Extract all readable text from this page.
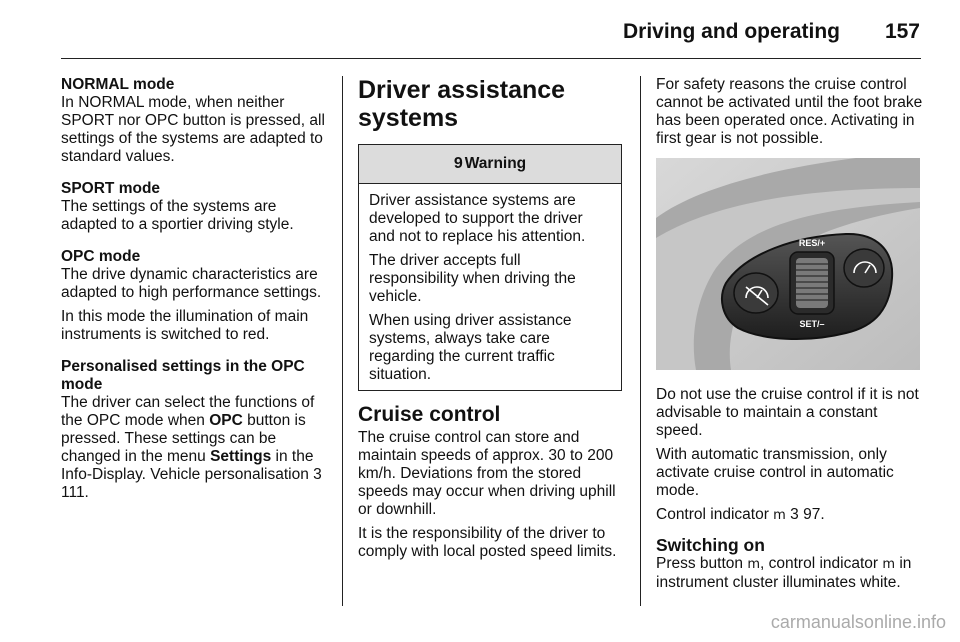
Driving and operating	157

NORMAL mode

In NORMAL mode, when neither SPORT nor OPC button is pressed, all settings of the systems are adapted to standard values.

SPORT mode

The settings of the systems are adapted to a sportier driving style.

OPC mode

The drive dynamic characteristics are adapted to high performance settings.

In this mode the illumination of main instruments is switched to red.

Personalised settings in the OPC mode

The driver can select the functions of the OPC mode when OPC button is pressed. These settings can be changed in the menu Settings in the Info-Display. Vehicle personalisation 3 111.

Driver assistance systems
9 Warning

Driver assistance systems are developed to support the driver and not to replace his attention.

The driver accepts full responsibility when driving the vehicle.

When using driver assistance systems, always take care regarding the current traffic situation.

Cruise control

The cruise control can store and maintain speeds of approx. 30 to 200 km/h. Deviations from the stored speeds may occur when driving uphill or downhill.

It is the responsibility of the driver to comply with local posted speed limits.

For safety reasons the cruise control cannot be activated until the foot brake has been operated once. Activating in first gear is not possible.

RES/+
SET/–

Do not use the cruise control if it is not advisable to maintain a constant speed.

With automatic transmission, only activate cruise control in automatic mode.

Control indicator m 3 97.

Switching on

Press button m, control indicator m in instrument cluster illuminates white.

carmanualsonline.info
